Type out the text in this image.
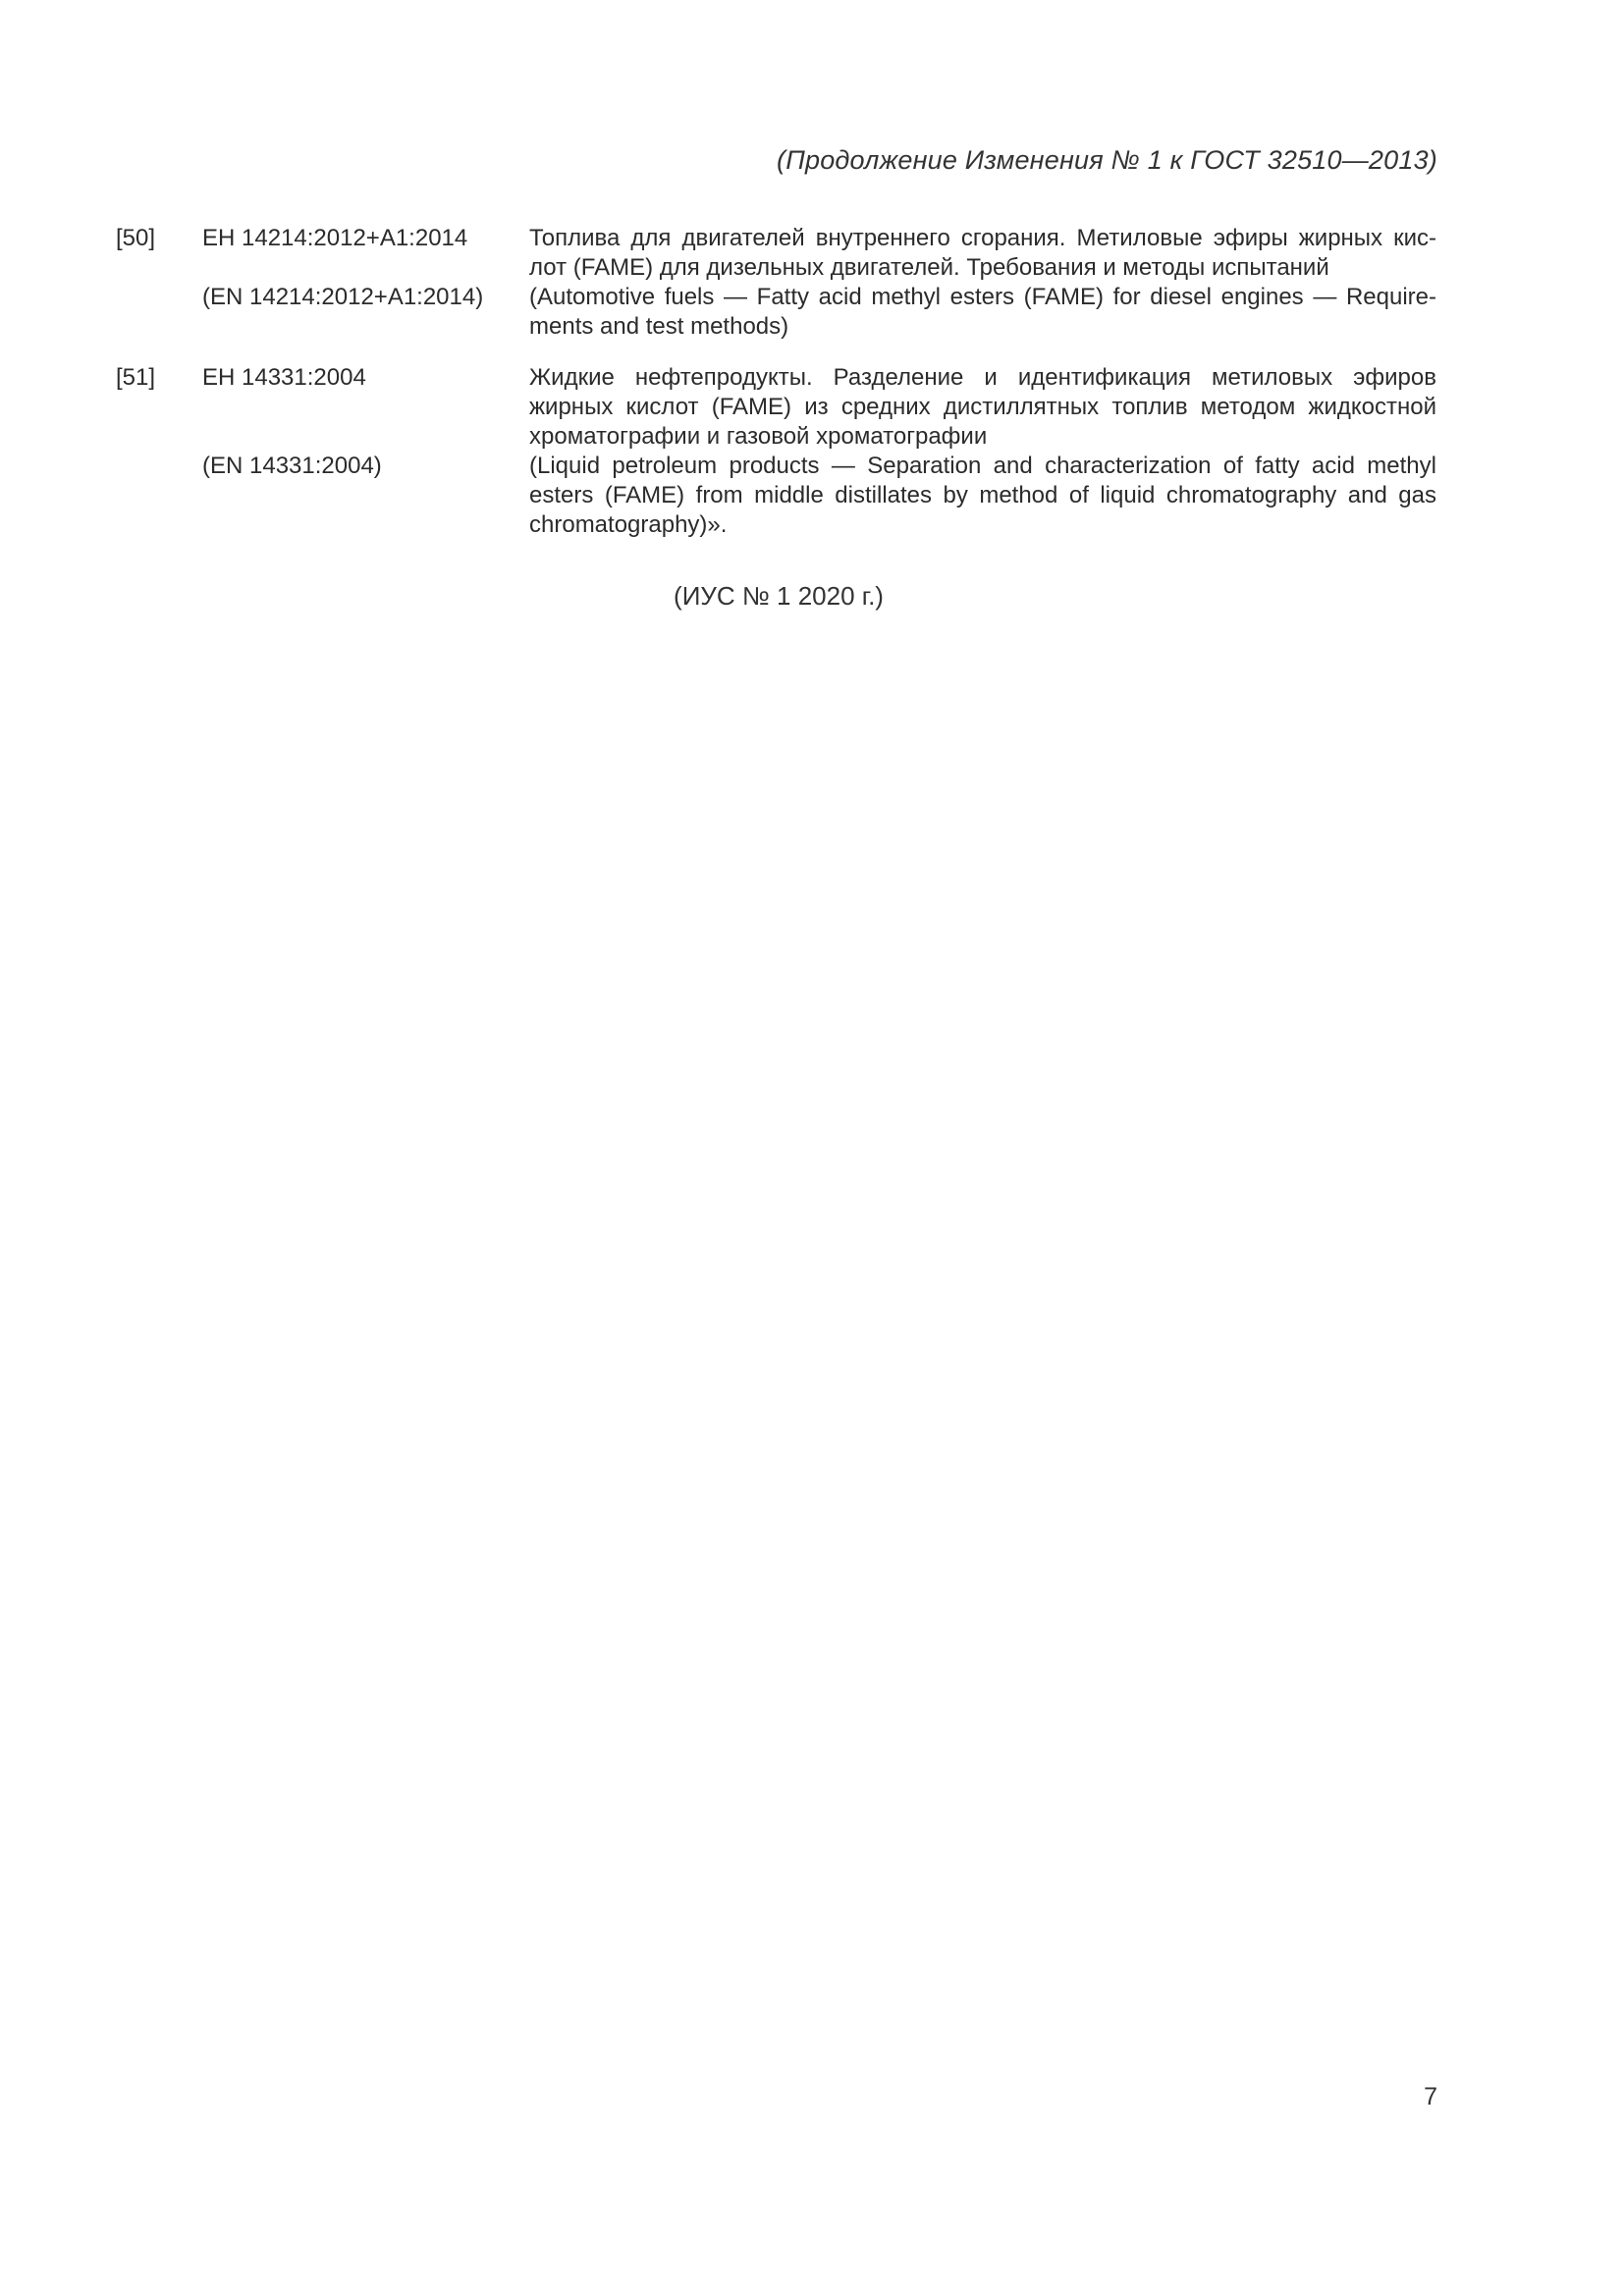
(Продолжение Изменения № 1 к ГОСТ 32510—2013)
[50]	ЕН 14214:2012+А1:2014
(EN 14214:2012+A1:2014)
Топлива для двигателей внутреннего сгорания. Метиловые эфиры жирных кис-
лот (FAME) для дизельных двигателей. Требования и методы испытаний
(Automotive fuels — Fatty acid methyl esters (FAME) for diesel engines — Require-
ments and test methods)
[51]	ЕН 14331:2004
(EN 14331:2004)
Жидкие нефтепродукты. Разделение и идентификация метиловых эфиров
жирных кислот (FAME) из средних дистиллятных топлив методом жидкостной
хроматографии и газовой хроматографии
(Liquid petroleum products — Separation and characterization of fatty acid methyl
esters (FAME) from middle distillates by method of liquid chromatography and gas
chromatography)».
(ИУС № 1 2020 г.)
7
